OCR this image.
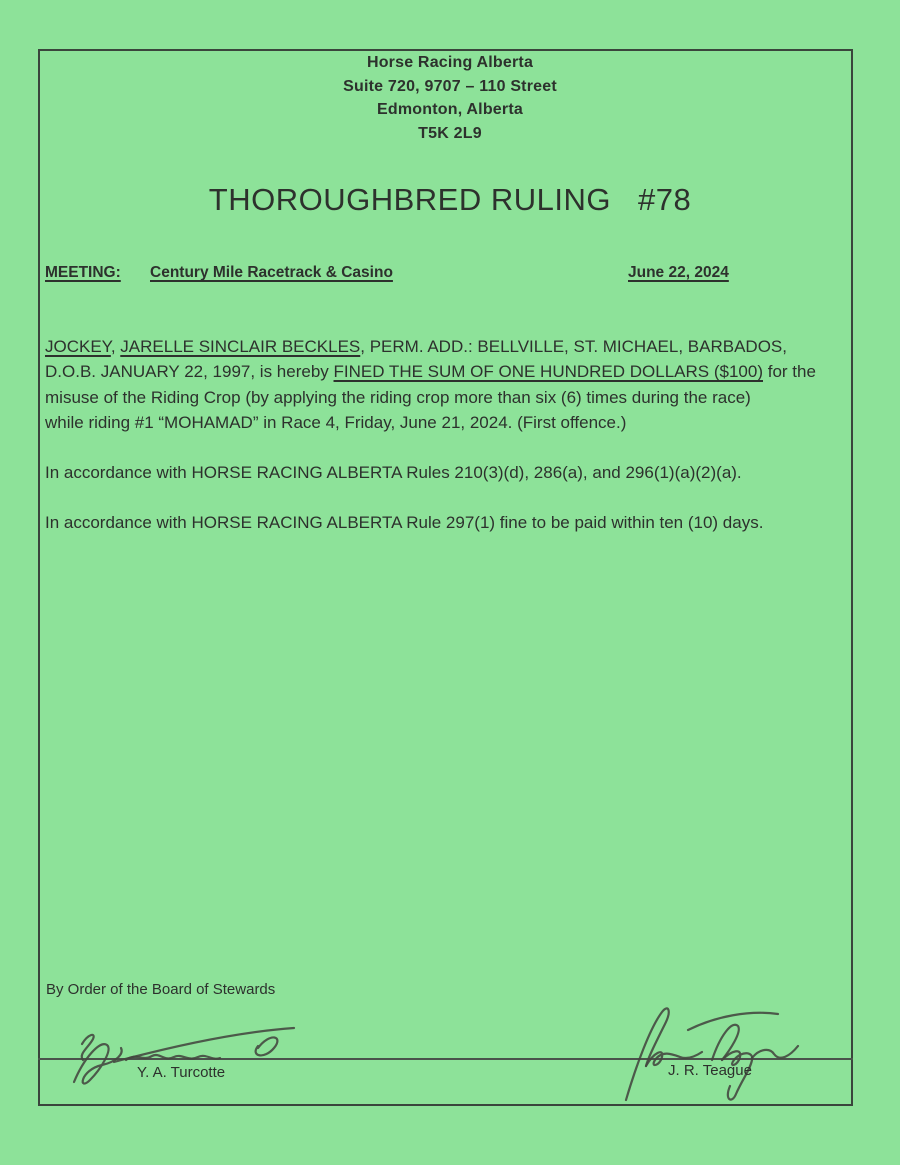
Horse Racing Alberta
Suite 720, 9707 – 110 Street
Edmonton, Alberta
T5K 2L9
THOROUGHBRED RULING #78
MEETING: Century Mile Racetrack & Casino	June 22, 2024
JOCKEY, JARELLE SINCLAIR BECKLES, PERM. ADD.: BELLVILLE, ST. MICHAEL, BARBADOS,
D.O.B. JANUARY 22, 1997, is hereby FINED THE SUM OF ONE HUNDRED DOLLARS ($100) for the
misuse of the Riding Crop (by applying the riding crop more than six (6) times during the race)
while riding #1 “MOHAMAD” in Race 4, Friday, June 21, 2024. (First offence.)
In accordance with HORSE RACING ALBERTA Rules 210(3)(d), 286(a), and 296(1)(a)(2)(a).
In accordance with HORSE RACING ALBERTA Rule 297(1) fine to be paid within ten (10) days.
By Order of the Board of Stewards
Y. A. Turcotte	J. R. Teague
